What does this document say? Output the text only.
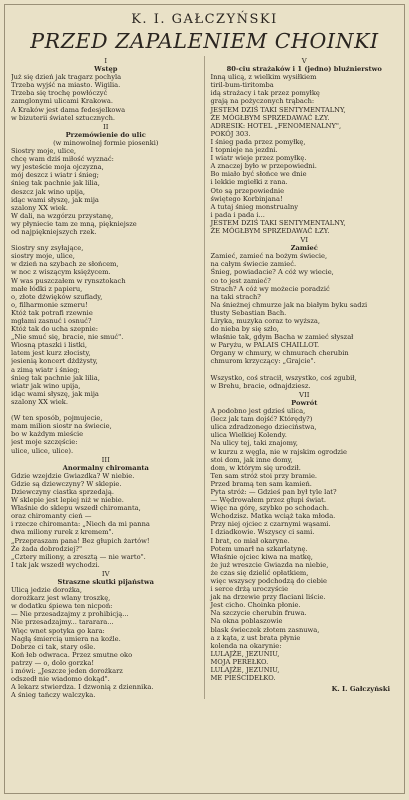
K. I. GAŁCZYŃSKI
PRZED ZAPALENIEM CHOINKI
I
Wstęp
Już się dzień jak tragarz pochyla
Trzeba wyjść na miasto. Wigilia.
Trzeba się trochę powłóczyć
zamglonymi ulicami Krakowa.
A Kraków jest dama fedesjelkowa
w bizuterii światel sztucznych.
II
Przemówienie do ulic
(w minowolnej formie piosenki)
Siostry moje, ulice,
chcę wam dziś miłość wyznać:
wy jesteście moja ojczyzna,
mój deszcz i wiatr i śnieg;
śnieg tak pachnie jak lilia,
deszcz jak wino upija,
idąc wami słyszę, jak mija
szalony XX wiek.
W dali, na wzgórzu przystanę,
wy płyniecie tam ze mną, piękniejsze
od najpiękniejszych rzek.

Siostry sny zsyłające,
siostry moje, ulice,
w dzień na szybach ze słońcem,
w noc z wiszącym księżycem.
W was puszczałem w rynsztokach
małe łódki z papieru,
o, złote dźwięków szuflady,
o, filharmonie szmeru!
Któż tak potrafi rzewnie
mgłami zasnuć i osnuć?
Któż tak do ucha szepnie:
„Nie smuć się, bracie, nie smuć".
Wiosną ptaszki i listki,
latem jest kurz złocisty,
jesienią koncert dżdżysty,
a zimą wiatr i śnieg;
śnieg tak pachnie jak lilia,
wiatr jak wino upija,
idąc wami słyszę, jak mija
szalony XX wiek.

(W ten sposób, pojmujecie,
mam milion siostr na świecie,
bo w każdym mieście
jest moje szczęście:
ulice, ulice, ulice).
III
Anormalny chiromanta
Gdzie wzejdzie Gwiazdka? W niebie.
Gdzie są dziewczyny? W sklepie.
Dziewczyny ciastka sprzedają.
W sklepie jest lepiej niż w niebie.
Właśnie do sklepu wszedł chiromanta,
oraz chiromanty cień —
i rzecze chiromanta: „Niech da mi panna
dwa miliony rurek z kremem".
„Przepraszam pana! Bez głupich żartów!
Że żada dobrodziej?"
„Cztery miliony, a zresztą — nie warto".
I tak jak wszedł wychodzi.
IV
Straszne skutki pijaństwa
Ulicą jedzie dorożka,
dorożkarz jest wlany troszkę,
w dodatku śpiewa ten nicpoń:
— Nie przesadzajmy z prohibicją...
Nie przesadzajmy... tararara...
Więc wnet spotyka go kara:
Nagłą śmiercią umiera na koźle.
Dobrze ci tak, stary ośle.
Koń łeb odwraca. Przez smutne oko
patrzy — o, dolo gorzka!
i mówi: „Jeszcze jeden dorożkarz
odszedł nie wiadomo dokąd".
A lekarz stwierdza. I dzwonią z dziennika.
A śnieg tańczy walczyka.
V
80-ciu strażaków i 1 (jedno) bluźnierstwo
Inną ulicą, z wielkim wysiłkiem
tiril-bum-tiritomba
idą strażacy i tak przez pomyłkę
grają na pożyczonych trąbach:
JESTEM DZIŚ TAKI SENTYMENTALNY,
ŻE MÓGŁBYM SPRZEDAWAĆ ŁZY.
ADRESIK: HOTEL „FENOMENALNY",
POKÓJ 303.
I śnieg pada przez pomyłkę,
I topnieje na jezdni.
I wiatr wieje przez pomyłkę.
A znaczej było w przepowiedni.
Bo miało być słońce we dnie
i lekkie mgiełki z rana.
Oto są przepowiednie
świętego Korbinjana!
A tutaj śnieg monstrualny
i pada i pada i...
JESTEM DZIŚ TAKI SENTYMENTALNY,
ŻE MÓGŁBYM SPRZEDAWAĆ ŁZY.
VI
Zamieć
Zamieć, zamieć na bożym świecie,
na całym świecie zamieć.
Śnieg, powiadacie? A cóż wy wiecie,
co to jest zamieć?
Strach? A cóż wy możecie poradzić
na taki strach?
Na śnieżnej chmurze jak na białym byku sadzi
tłusty Sebastian Bach.
Liryka, muzyka coraz to wyższa,
do nieba by się szło,
właśnie tak, gdym Bacha w zamieć słyszał
w Paryżu, w PALAIS CHAILLOT.
Organy w chmury, w chmurach cherubin
chmurom krzyczący: „Grajcie".

Wszystko, coś stracił, wszystko, coś zgubił,
w Brehu, bracie, odnajdziesz.
VII
Powrót
A podobno jest gdzieś ulica,
(lecz jak tam dojść? Którędy?)
ulica zdradzonego dzieciństwa,
ulica Wielkiej Kolendy.
Na ulicy tej, taki znajomy,
w kurzu z węgla, nie w rajskim ogrodzie
stoi dom, jak inne domy,
dom, w którym się urodził.
Ten sam stróż stoi przy bramie.
Przed bramą ten sam kamień.
Pyta stróż: — Gdzieś pan był tyle lat?
— Wędrowałem przez głupi świat.
Więc na górę, szybko po schodach.
Wchodzisz. Matka wciąż taka młoda.
Przy niej ojciec z czarnymi wąsami.
I dziadkowie. Wszyscy ci sami.
I brat, co miał okaryne.
Potem umarł na szkarlatynę.
Właśnie ojciec kiwa na matkę,
że już wreszcie Gwiazda na niebie,
że czas się dzielić opłatkiem,
więc wszyscy podchodzą do ciebie
i serce drżą uroczyście
jak na drzewie przy flaciani liście.
Jest cicho. Choinka płonie.
Na szczycie cherubin fruwa.
Na okna poblaszowie
blask świeczek złotem zasnuwa,
a z kąta, z ust brata płynie
kolenda na okarynie:
LULAJŻE, JEZUNIU,
MOJA PEREŁKO.
LULAJŻE, JEZUNIU,
ME PIEŚCIDEŁKO.
K. I. Gałczyński
